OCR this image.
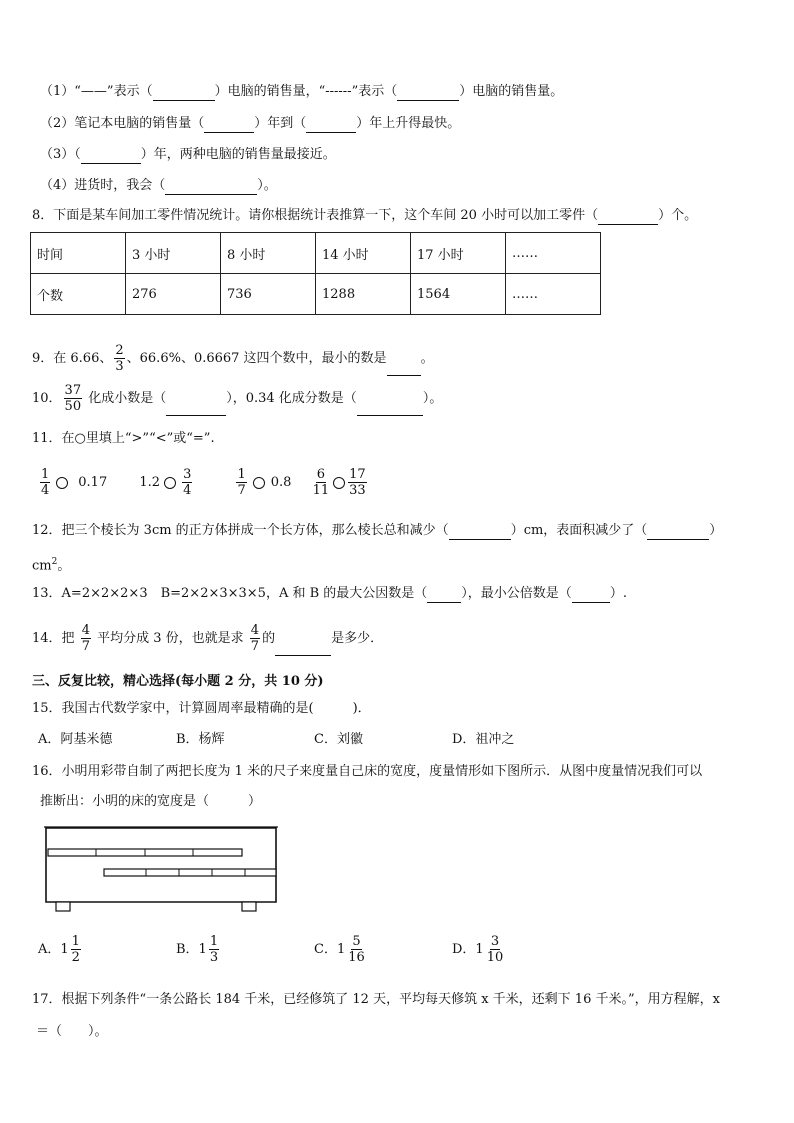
（1）“——”表示（	）电脑的销售量，“------”表示（	）电脑的销售量。
（2）笔记本电脑的销售量（	）年到（	）年上升得最快。
（3）（	）年，两种电脑的销售量最接近。
（4）进货时，我会（	）。
8．下面是某车间加工零件情况统计。请你根据统计表推算一下，这个车间 20 小时可以加工零件（	）个。
时间	3 小时	8 小时	14 小时	17 小时	……
个数	276	736	1288	1564	……
9．在 6.66、 $\frac{2}{3}$ 、66.6%、0.6667 这四个数中，最小的数是	。
10． $\frac{37}{50}$ 化成小数是（	），0.34 化成分数是（	）。
11．在○里填上“>”“<”或“=”.
$\frac{1}{4} 0.17$ $1.2 \frac{3}{4}$
	$\frac{1}{7} 0.8 \frac{6}{11} \frac{17}{33}$
12．把三个棱长为 3cm 的正方体拼成一个长方体，那么棱长总和减少（	）cm，表面积减少了（	）
$cm^2$。
13．A=2×2×2×3　B=2×2×3×3×5，A 和 B 的最大公因数是（	），最小公倍数是（	）.
14．把 $\frac{4}{7}$ 平均分成 3 份，也就是求 $\frac{4}{7}$ 的	是多少．
三、反复比较，精心选择(每小题 2 分，共 10 分)
15．我国古代数学家中，计算圆周率最精确的是(　　　)．
A．阿基米德	B．杨辉	C．刘徽	D．祖冲之
16．小明用彩带自制了两把长度为 1 米的尺子来度量自己床的宽度，度量情形如下图所示．从图中度量情况我们可以
推断出：小明的床的宽度是（　　　）
A．$1 \frac{1}{2}$	B．$1 \frac{1}{3}$	C．$1 \frac{5}{16}$	D．$1 \frac{3}{10}$
17．根据下列条件“一条公路长 184 千米，已经修筑了 12 天，平均每天修筑 x 千米，还剩下 16 千米。”，用方程解，x
＝（　　）。
